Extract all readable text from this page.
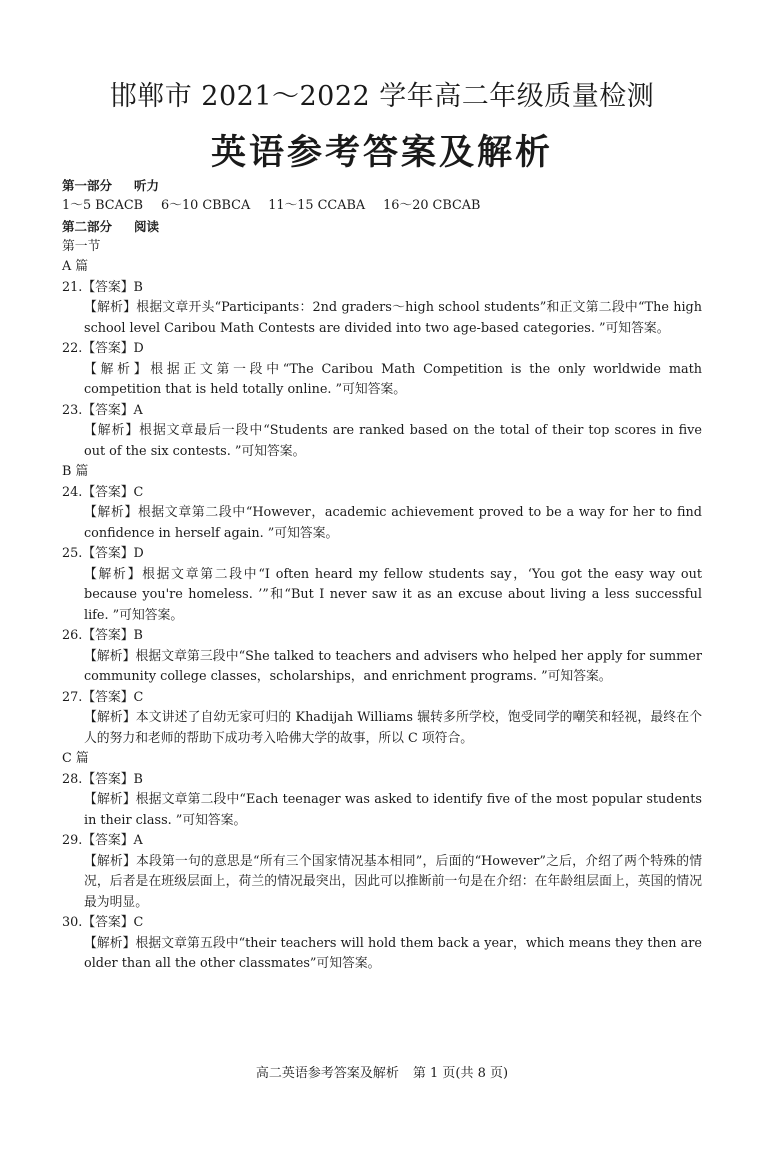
邯郸市 2021～2022 学年高二年级质量检测
英语参考答案及解析
第一部分 听力
1～5 BCACB 6～10 CBBCA 11～15 CCABA 16～20 CBCAB
第二部分 阅读
第一节
A 篇
21.【答案】B
【解析】根据文章开头“Participants：2nd graders～high school students”和正文第二段中“The high school level Caribou Math Contests are divided into two age-based categories. ”可知答案。
22.【答案】D
【解析】根据正文第一段中“The Caribou Math Competition is the only worldwide math competition that is held totally online. ”可知答案。
23.【答案】A
【解析】根据文章最后一段中“Students are ranked based on the total of their top scores in five out of the six contests. ”可知答案。
B 篇
24.【答案】C
【解析】根据文章第二段中“However，academic achievement proved to be a way for her to find confidence in herself again. ”可知答案。
25.【答案】D
【解析】根据文章第二段中“I often heard my fellow students say，‘You got the easy way out because you're homeless. ’”和“But I never saw it as an excuse about living a less successful life. ”可知答案。
26.【答案】B
【解析】根据文章第三段中“She talked to teachers and advisers who helped her apply for summer community college classes，scholarships，and enrichment programs. ”可知答案。
27.【答案】C
【解析】本文讲述了自幼无家可归的 Khadijah Williams 辗转多所学校，饱受同学的嘲笑和轻视，最终在个人的努力和老师的帮助下成功考入哈佛大学的故事，所以 C 项符合。
C 篇
28.【答案】B
【解析】根据文章第二段中“Each teenager was asked to identify five of the most popular students in their class. ”可知答案。
29.【答案】A
【解析】本段第一句的意思是“所有三个国家情况基本相同”，后面的“However”之后，介绍了两个特殊的情况，后者是在班级层面上，荷兰的情况最突出，因此可以推断前一句是在介绍：在年龄组层面上，英国的情况最为明显。
30.【答案】C
【解析】根据文章第五段中“their teachers will hold them back a year，which means they then are older than all the other classmates”可知答案。
高二英语参考答案及解析 第 1 页(共 8 页)
